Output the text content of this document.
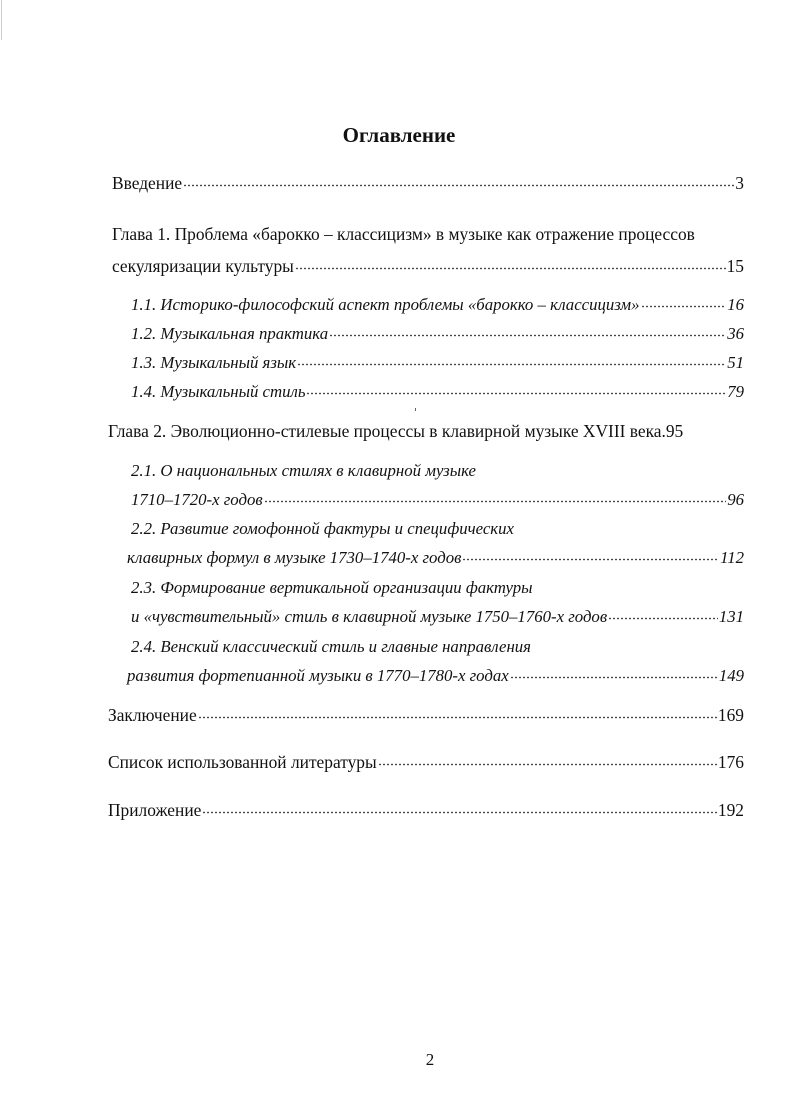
Оглавление
Введение	3
Глава 1. Проблема «барокко – классицизм» в музыке как отражение процессов
секуляризации культуры	15
1.1. Историко-философский аспект проблемы «барокко – классицизм»	16
1.2. Музыкальная практика	36
1.3. Музыкальный язык	51
1.4. Музыкальный стиль	79
Глава 2. Эволюционно-стилевые процессы в клавирной музыке XVIII века.95
2.1. О национальных стилях в клавирной музыке
1710–1720-х годов	96
2.2. Развитие гомофонной фактуры и специфических
клавирных формул в музыке 1730–1740-х годов	112
2.3. Формирование вертикальной организации фактуры
и «чувствительный» стиль в клавирной музыке 1750–1760-х годов	131
2.4. Венский классический стиль и главные направления
развития фортепианной музыки в 1770–1780-х годах	149
Заключение	169
Список использованной литературы	176
Приложение	192
2
